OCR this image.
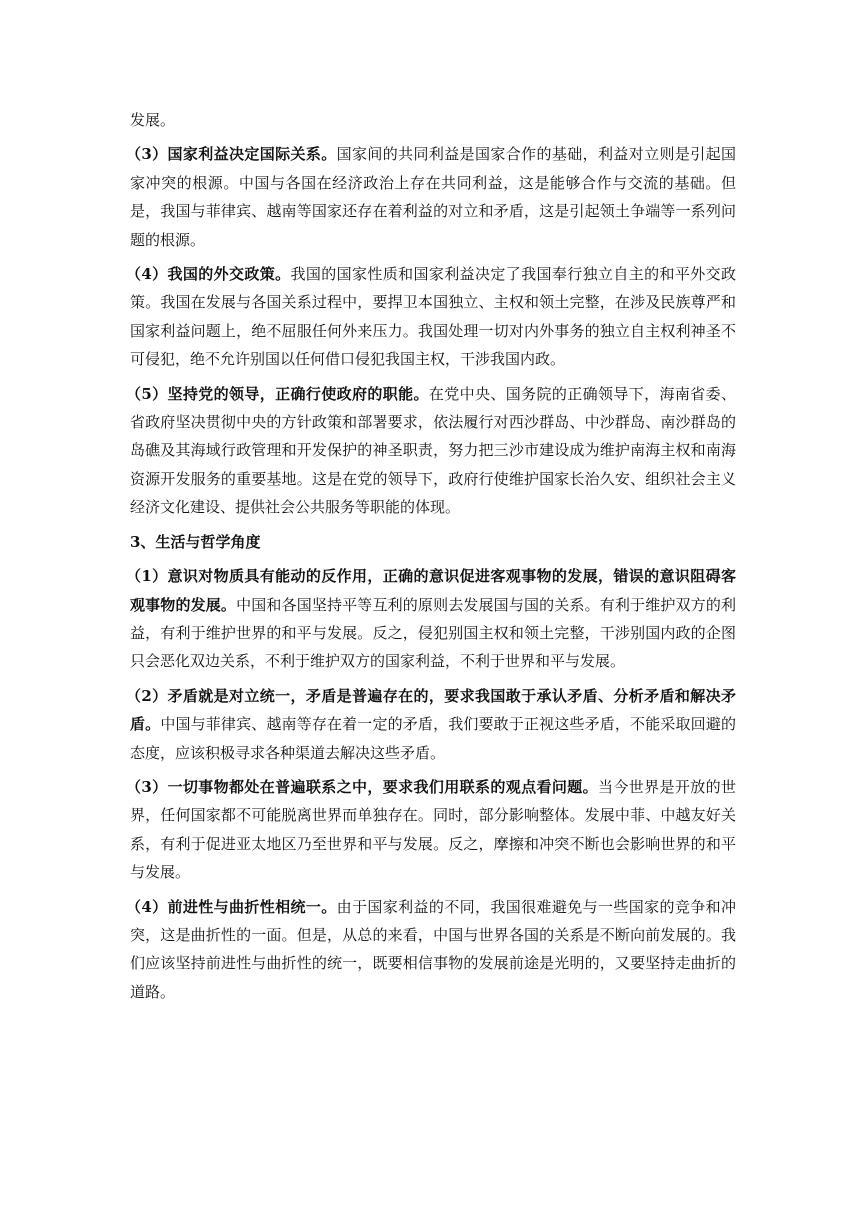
发展。

（3）国家利益决定国际关系。国家间的共同利益是国家合作的基础，利益对立则是引起国家冲突的根源。中国与各国在经济政治上存在共同利益，这是能够合作与交流的基础。但是，我国与菲律宾、越南等国家还存在着利益的对立和矛盾，这是引起领土争端等一系列问题的根源。

（4）我国的外交政策。我国的国家性质和国家利益决定了我国奉行独立自主的和平外交政策。我国在发展与各国关系过程中，要捍卫本国独立、主权和领土完整，在涉及民族尊严和国家利益问题上，绝不屈服任何外来压力。我国处理一切对内外事务的独立自主权利神圣不可侵犯，绝不允许别国以任何借口侵犯我国主权，干涉我国内政。

（5）坚持党的领导，正确行使政府的职能。在党中央、国务院的正确领导下，海南省委、省政府坚决贯彻中央的方针政策和部署要求，依法履行对西沙群岛、中沙群岛、南沙群岛的岛礁及其海域行政管理和开发保护的神圣职责，努力把三沙市建设成为维护南海主权和南海资源开发服务的重要基地。这是在党的领导下，政府行使维护国家长治久安、组织社会主义经济文化建设、提供社会公共服务等职能的体现。

3、生活与哲学角度

（1）意识对物质具有能动的反作用，正确的意识促进客观事物的发展，错误的意识阻碍客观事物的发展。中国和各国坚持平等互利的原则去发展国与国的关系。有利于维护双方的利益，有利于维护世界的和平与发展。反之，侵犯别国主权和领土完整，干涉别国内政的企图只会恶化双边关系，不利于维护双方的国家利益，不利于世界和平与发展。

（2）矛盾就是对立统一，矛盾是普遍存在的，要求我国敢于承认矛盾、分析矛盾和解决矛盾。中国与菲律宾、越南等存在着一定的矛盾，我们要敢于正视这些矛盾，不能采取回避的态度，应该积极寻求各种渠道去解决这些矛盾。

（3）一切事物都处在普遍联系之中，要求我们用联系的观点看问题。当今世界是开放的世界，任何国家都不可能脱离世界而单独存在。同时，部分影响整体。发展中菲、中越友好关系，有利于促进亚太地区乃至世界和平与发展。反之，摩擦和冲突不断也会影响世界的和平与发展。

（4）前进性与曲折性相统一。由于国家利益的不同，我国很难避免与一些国家的竞争和冲突，这是曲折性的一面。但是，从总的来看，中国与世界各国的关系是不断向前发展的。我们应该坚持前进性与曲折性的统一，既要相信事物的发展前途是光明的，又要坚持走曲折的道路。
